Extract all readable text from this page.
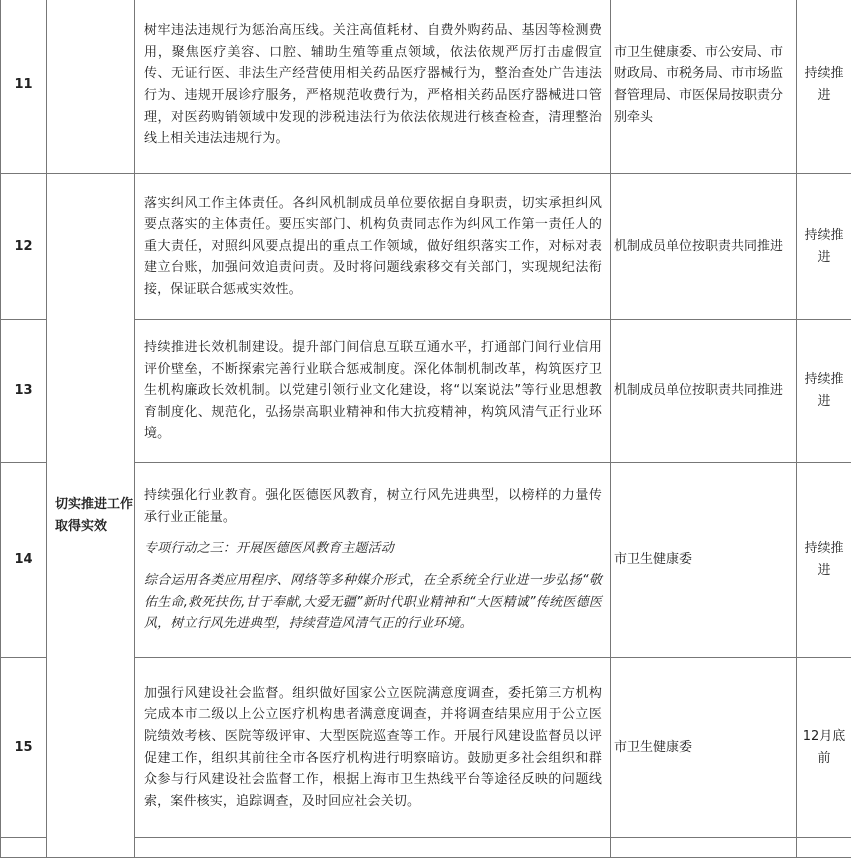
11		树牢违法违规行为惩治高压线。关注高值耗材、自费外购药品、基因等检测费用，聚焦医疗美容、口腔、辅助生殖等重点领域，依法依规严厉打击虚假宣传、无证行医、非法生产经营使用相关药品医疗器械行为，整治查处广告违法行为、违规开展诊疗服务，严格规范收费行为，严格相关药品医疗器械进口管理，对医药购销领域中发现的涉税违法行为依法依规进行核查检查，清理整治线上相关违法违规行为。	市卫生健康委、市公安局、市财政局、市税务局、市市场监督管理局、市医保局按职责分别牵头	持续推进
12	切实推进工作取得实效	落实纠风工作主体责任。各纠风机制成员单位要依据自身职责，切实承担纠风要点落实的主体责任。要压实部门、机构负责同志作为纠风工作第一责任人的重大责任，对照纠风要点提出的重点工作领域，做好组织落实工作，对标对表建立台账，加强问效追责问责。及时将问题线索移交有关部门，实现规纪法衔接，保证联合惩戒实效性。	机制成员单位按职责共同推进	持续推进
13		持续推进长效机制建设。提升部门间信息互联互通水平，打通部门间行业信用评价壁垒，不断探索完善行业联合惩戒制度。深化体制机制改革，构筑医疗卫生机构廉政长效机制。以党建引领行业文化建设，将“以案说法”等行业思想教育制度化、规范化，弘扬崇高职业精神和伟大抗疫精神，构筑风清气正行业环境。	机制成员单位按职责共同推进	持续推进
14		持续强化行业教育。强化医德医风教育，树立行风先进典型，以榜样的力量传承行业正能量。

专项行动之三：开展医德医风教育主题活动

综合运用各类应用程序、网络等多种媒介形式，在全系统全行业进一步弘扬“敬佑生命,救死扶伤,甘于奉献,大爱无疆”新时代职业精神和“大医精诚”传统医德医风，树立行风先进典型，持续营造风清气正的行业环境。	市卫生健康委	持续推进
15		加强行风建设社会监督。组织做好国家公立医院满意度调查，委托第三方机构完成本市二级以上公立医疗机构患者满意度调查，并将调查结果应用于公立医院绩效考核、医院等级评审、大型医院巡查等工作。开展行风建设监督员以评促建工作，组织其前往全市各医疗机构进行明察暗访。鼓励更多社会组织和群众参与行风建设社会监督工作，根据上海市卫生热线平台等途径反映的问题线索，案件核实，追踪调查，及时回应社会关切。	市卫生健康委	12月底前
